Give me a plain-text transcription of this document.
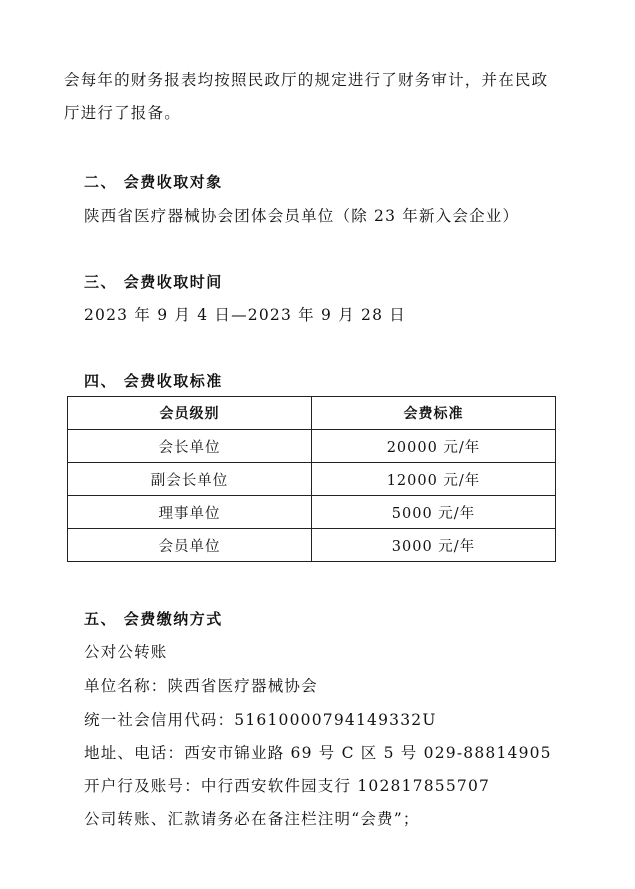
会每年的财务报表均按照民政厅的规定进行了财务审计，并在民政
厅进行了报备。
二、 会费收取对象
陕西省医疗器械协会团体会员单位（除 23 年新入会企业）
三、 会费收取时间
2023 年 9 月 4 日—2023 年 9 月 28 日
四、 会费收取标准
会员级别	会费标准
会长单位	20000 元/年
副会长单位	12000 元/年
理事单位	5000 元/年
会员单位	3000 元/年
五、 会费缴纳方式
公对公转账
单位名称：陕西省医疗器械协会
统一社会信用代码：51610000794149332U
地址、电话：西安市锦业路 69 号 C 区 5 号 029-88814905
开户行及账号：中行西安软件园支行 102817855707
公司转账、汇款请务必在备注栏注明“会费”；
